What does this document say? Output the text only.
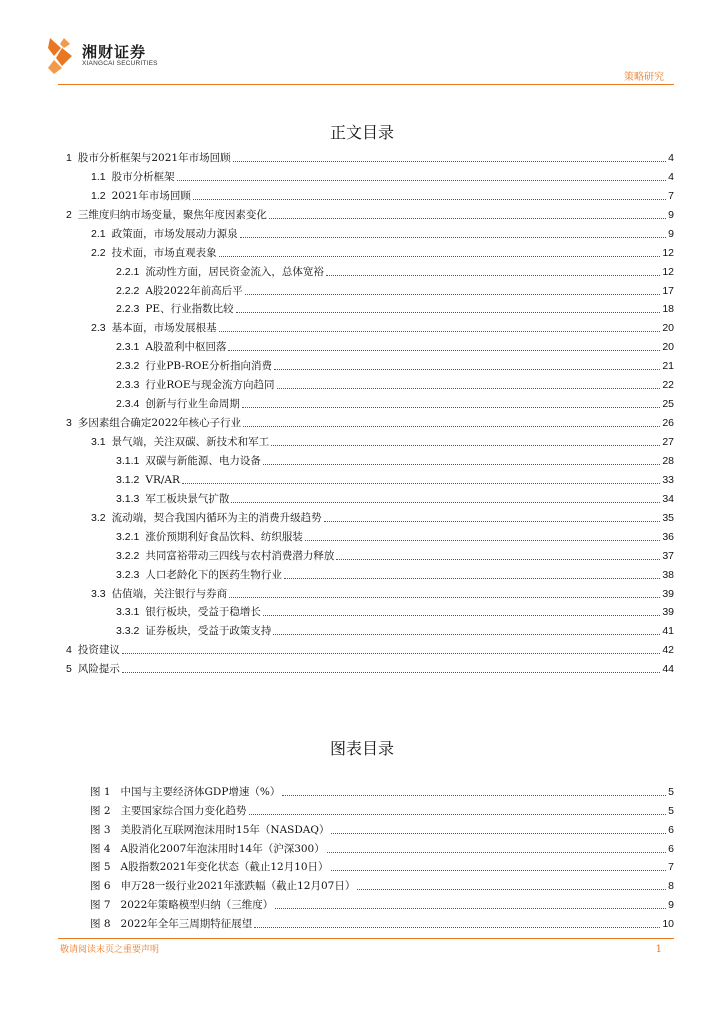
湘财证券
XIANGCAI SECURITIES
策略研究
正文目录
1 股市分析框架与2021年市场回顾	4
1.1 股市分析框架	4
1.2 2021年市场回顾	7
2 三维度归纳市场变量，聚焦年度因素变化	9
2.1 政策面，市场发展动力源泉	9
2.2 技术面，市场直观表象	12
2.2.1 流动性方面，居民资金流入，总体宽裕	12
2.2.2 A股2022年前高后平	17
2.2.3 PE、行业指数比较	18
2.3 基本面，市场发展根基	20
2.3.1 A股盈利中枢回落	20
2.3.2 行业PB-ROE分析指向消费	21
2.3.3 行业ROE与现金流方向趋同	22
2.3.4 创新与行业生命周期	25
3 多因素组合确定2022年核心子行业	26
3.1 景气端，关注双碳、新技术和军工	27
3.1.1 双碳与新能源、电力设备	28
3.1.2 VR/AR	33
3.1.3 军工板块景气扩散	34
3.2 流动端，契合我国内循环为主的消费升级趋势	35
3.2.1 涨价预期利好食品饮料、纺织服装	36
3.2.2 共同富裕带动三四线与农村消费潜力释放	37
3.2.3 人口老龄化下的医药生物行业	38
3.3 估值端，关注银行与券商	39
3.3.1 银行板块，受益于稳增长	39
3.3.2 证券板块，受益于政策支持	41
4 投资建议	42
5 风险提示	44
图表目录
图 1 中国与主要经济体GDP增速（%）	5
图 2 主要国家综合国力变化趋势	5
图 3 美股消化互联网泡沫用时15年（NASDAQ）	6
图 4 A股消化2007年泡沫用时14年（沪深300）	6
图 5 A股指数2021年变化状态（截止12月10日）	7
图 6 申万28一级行业2021年涨跌幅（截止12月07日）	8
图 7 2022年策略模型归纳（三维度）	9
图 8 2022年全年三周期特征展望	10
敬请阅读末页之重要声明	1
